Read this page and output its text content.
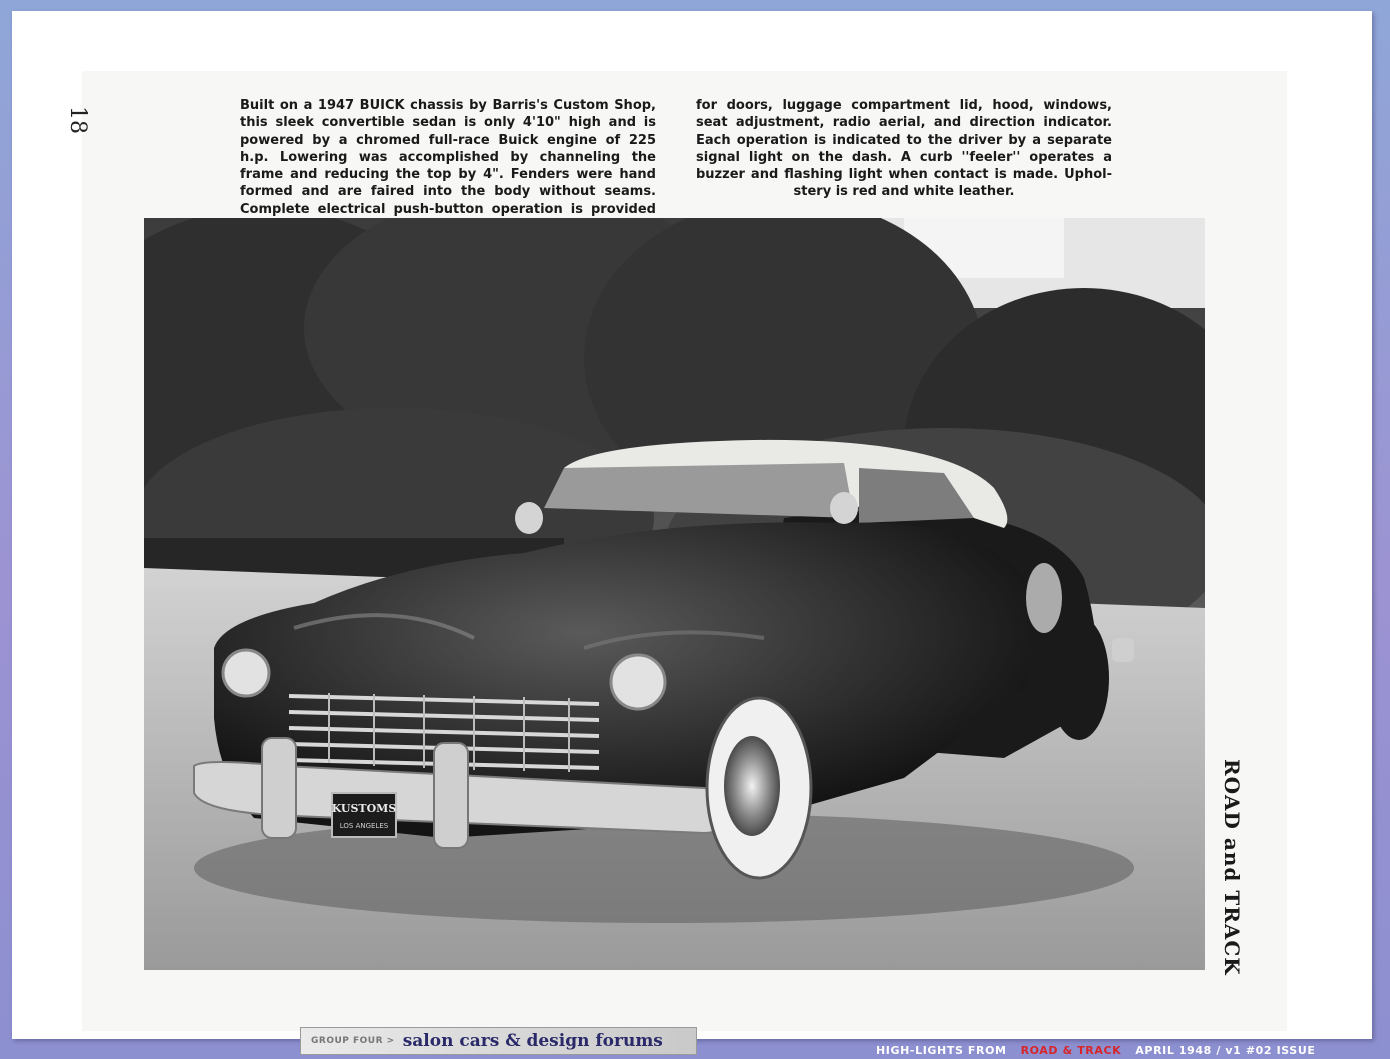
18
Built on a 1947 BUICK chassis by Barris's Custom Shop,
this sleek convertible sedan is only 4'10" high and is
powered by a chromed full-race Buick engine of 225
h.p. Lowering was accomplished by channeling the
frame and reducing the top by 4". Fenders were hand
formed and are faired into the body without seams.
Complete electrical push-button operation is provided
for doors, luggage compartment lid, hood, windows,
seat adjustment, radio aerial, and direction indicator.
Each operation is indicated to the driver by a separate
signal light on the dash. A curb ''feeler'' operates a
buzzer and flashing light when contact is made. Uphol-
stery is red and white leather.
KUSTOMS
LOS ANGELES	ROAD and TRACK
GROUP FOUR > salon cars & design forums	HIGH-LIGHTS FROM ROAD & TRACK APRIL 1948 / v1 #02 ISSUE
